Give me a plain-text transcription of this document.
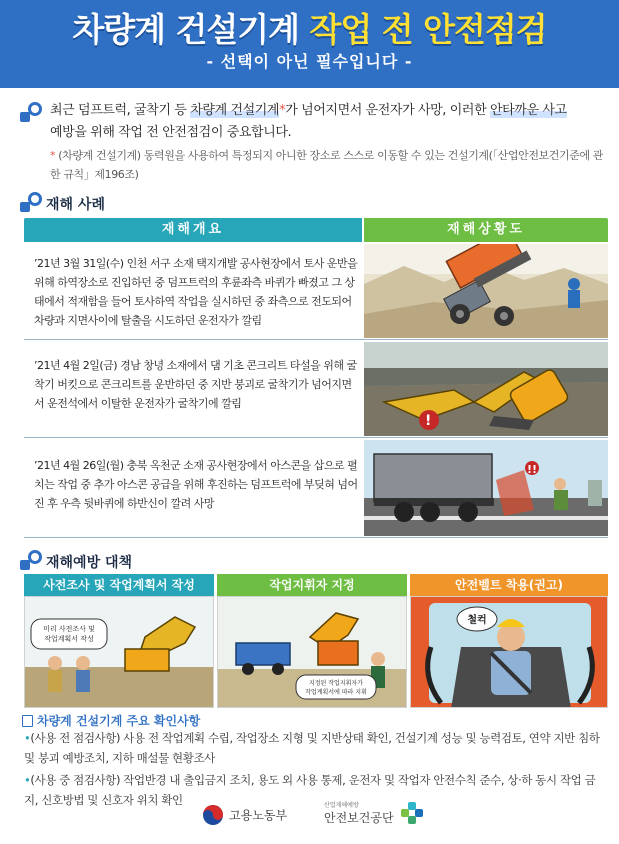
차량계 건설기계 작업 전 안전점검
- 선택이 아닌 필수입니다 -
최근 덤프트럭, 굴착기 등 차량계 건설기계*가 넘어지면서 운전자가 사망, 이러한 안타까운 사고
예방을 위해 작업 전 안전점검이 중요합니다.
* (차량계 건설기계) 동력원을 사용하여 특정되지 아니한 장소로 스스로 이동할 수 있는 건설기계(「산업안전보건기준에 관한 규칙」제196조)
재해 사례
재해개요	재해상황도
’21년 3월 31일(수) 인천 서구 소재 택지개발 공사현장에서 토사 운반을 위해 하역장소로 진입하던 중 덤프트럭의 후륜좌측 바퀴가 빠졌고 그 상태에서 적재함을 들어 토사하역 작업을 실시하던 중 좌측으로 전도되어 차량과 지면사이에 탈출을 시도하던 운전자가 깔림
’21년 4월 2일(금) 경남 창녕 소재에서 댐 기초 콘크리트 타설을 위해 굴착기 버킷으로 콘크리트를 운반하던 중 지반 붕괴로 굴착기가 넘어지면서 운전석에서 이탈한 운전자가 굴착기에 깔림
!
’21년 4월 26일(월) 충북 옥천군 소재 공사현장에서 아스콘을 삽으로 펼치는 작업 중 추가 아스콘 공급을 위해 후진하는 덤프트럭에 부딪혀 넘어진 후 우측 뒷바퀴에 하반신이 깔려 사망
!!
재해예방 대책
사전조사 및 작업계획서 작성
미리 사전조사 및
작업계획서 작성
작업지휘자 지정
지정된 작업지휘자가
작업계획서에 따라 지휘
안전벨트 착용(권고)
철컥
차량계 건설기계 주요 확인사항
•(사용 전 점검사항) 사용 전 작업계획 수립, 작업장소 지형 및 지반상태 확인, 건설기계 성능 및 능력검토, 연약 지반 침하 및 붕괴 예방조치, 지하 매설물 현황조사
•(사용 중 점검사항) 작업반경 내 출입금지 조치, 용도 외 사용 통제, 운전자 및 작업자 안전수칙 준수, 상·하 동시 작업 금지, 신호방법 및 신호자 위치 확인
고용노동부
산업재해예방
안전보건공단
